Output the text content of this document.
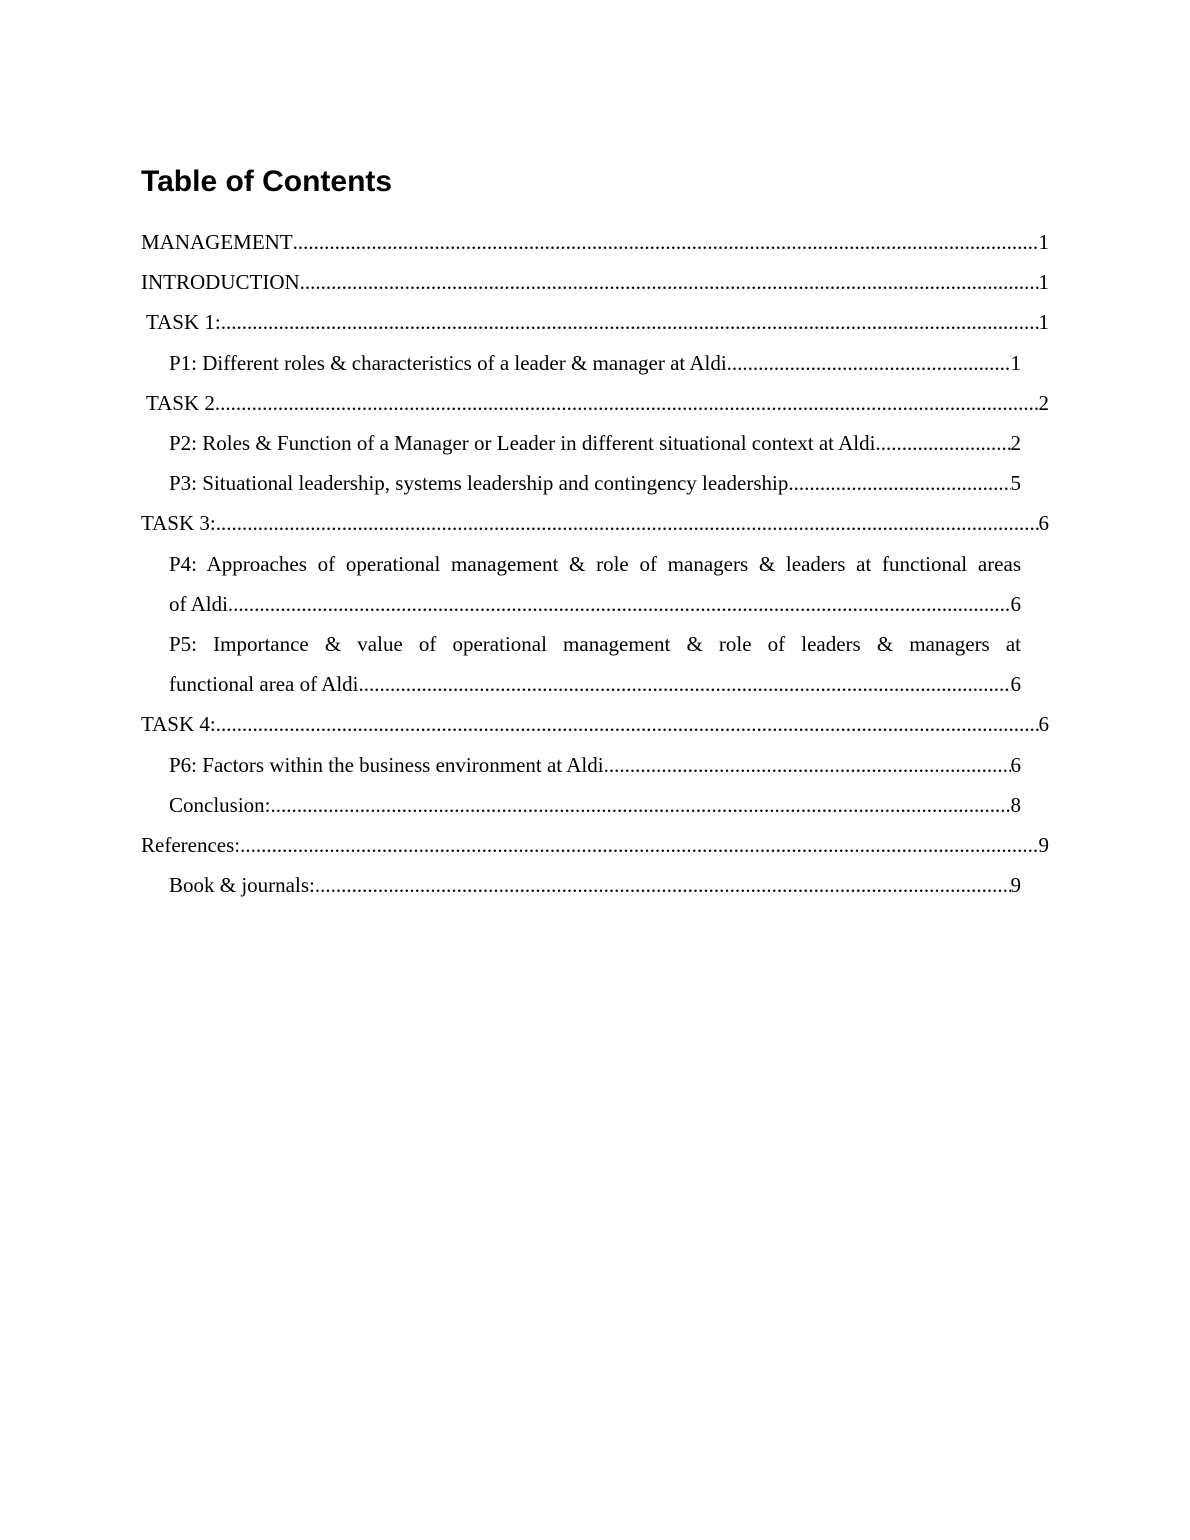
Table of Contents
MANAGEMENT .....	1
INTRODUCTION .....	1
TASK 1: .....	1
P1: Different roles & characteristics of a leader & manager at Aldi .....	1
TASK 2 .....	2
P2: Roles & Function of a Manager or Leader in different situational context at Aldi .....	2
P3: Situational leadership, systems leadership and contingency leadership .....	5
TASK 3: .....	6
P4: Approaches of operational management & role of managers & leaders at functional areas
of Aldi .....	6
P5: Importance & value of operational management & role of leaders & managers at
functional area of Aldi .....	6
TASK 4: .....	6
P6: Factors within the business environment at Aldi .....	6
Conclusion: .....	8
References: .....	9
Book & journals: .....	9
